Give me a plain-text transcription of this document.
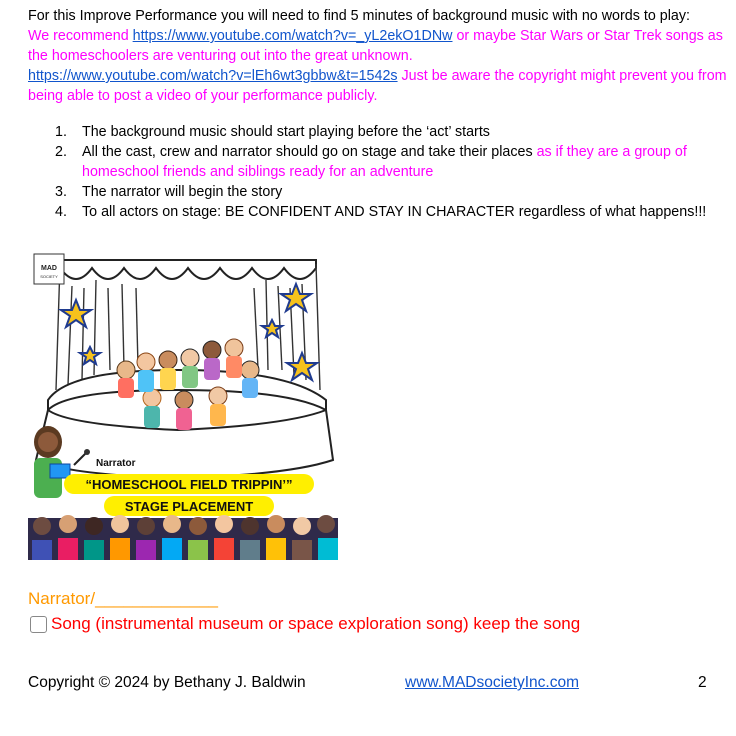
For this Improve Performance you will need to find 5 minutes of background music with no words to play:
We recommend https://www.youtube.com/watch?v=_yL2ekO1DNw or maybe Star Wars or Star Trek songs as the homeschoolers are venturing out into the great unknown.
https://www.youtube.com/watch?v=lEh6wt3gbbw&t=1542s Just be aware the copyright might prevent you from being able to post a video of your performance publicly.
1. The background music should start playing before the ‘act’ starts
2. All the cast, crew and narrator should go on stage and take their places as if they are a group of homeschool friends and siblings ready for an adventure
3. The narrator will begin the story
4. To all actors on stage: BE CONFIDENT AND STAY IN CHARACTER regardless of what happens!!!
MAD
SOCIETY
Narrator
“HOMESCHOOL FIELD TRIPPIN’”
STAGE PLACEMENT
Narrator/_____________
Song (instrumental museum or space exploration song) keep the song
Copyright © 2024 by Bethany J. Baldwin	www.MADsocietyInc.com	2
